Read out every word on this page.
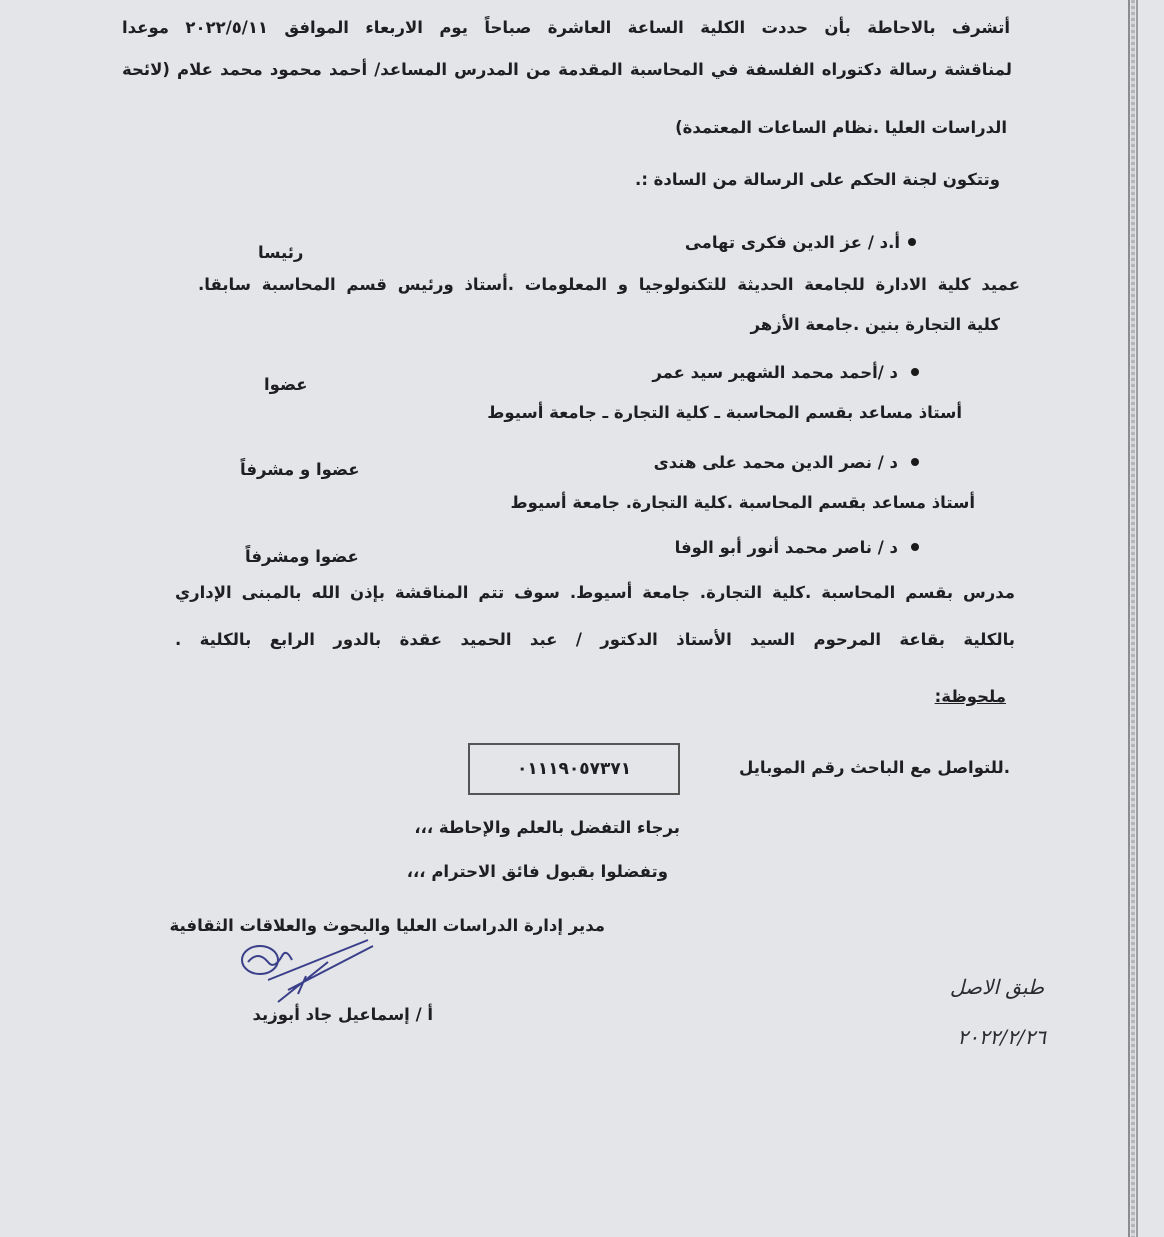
أتشرف بالاحاطة بأن حددت الكلية الساعة العاشرة صباحاً يوم الاربعاء الموافق ٢٠٢٢/٥/١١ موعدا
لمناقشة رسالة دكتوراه الفلسفة في المحاسبة المقدمة من المدرس المساعد/ أحمد محمود محمد علام (لائحة
الدراسات العليا .نظام الساعات المعتمدة)
وتتكون لجنة الحكم على الرسالة من السادة :.
أ.د / عز الدين فكرى تهامى
رئيسا
عميد كلية الادارة للجامعة الحديثة للتكنولوجيا و المعلومات .أستاذ ورئيس قسم المحاسبة سابقا.
كلية التجارة بنين .جامعة الأزهر
د /أحمد محمد الشهير سيد عمر
عضوا
أستاذ مساعد بقسم المحاسبة ـ كلية التجارة ـ جامعة أسيوط
د / نصر الدين محمد على هندى
عضوا و مشرفاً
أستاذ مساعد بقسم المحاسبة .كلية التجارة. جامعة أسيوط
د / ناصر محمد أنور أبو الوفا
عضوا ومشرفاً
مدرس بقسم المحاسبة .كلية التجارة. جامعة أسيوط. سوف تتم المناقشة بإذن الله بالمبنى الإداري
بالكلية بقاعة المرحوم السيد الأستاذ الدكتور / عبد الحميد عقدة بالدور الرابع بالكلية .
ملحوظة:
.للتواصل مع الباحث رقم الموبايل
٠١١١٩٠٥٧٣٧١
برجاء التفضل بالعلم والإحاطة ،،،
وتفضلوا بقبول فائق الاحترام ،،،
مدير إدارة الدراسات العليا والبحوث والعلاقات الثقافية
أ / إسماعيل جاد أبوزيد
طبق الاصل
٢٠٢٢/٢/٢٦
